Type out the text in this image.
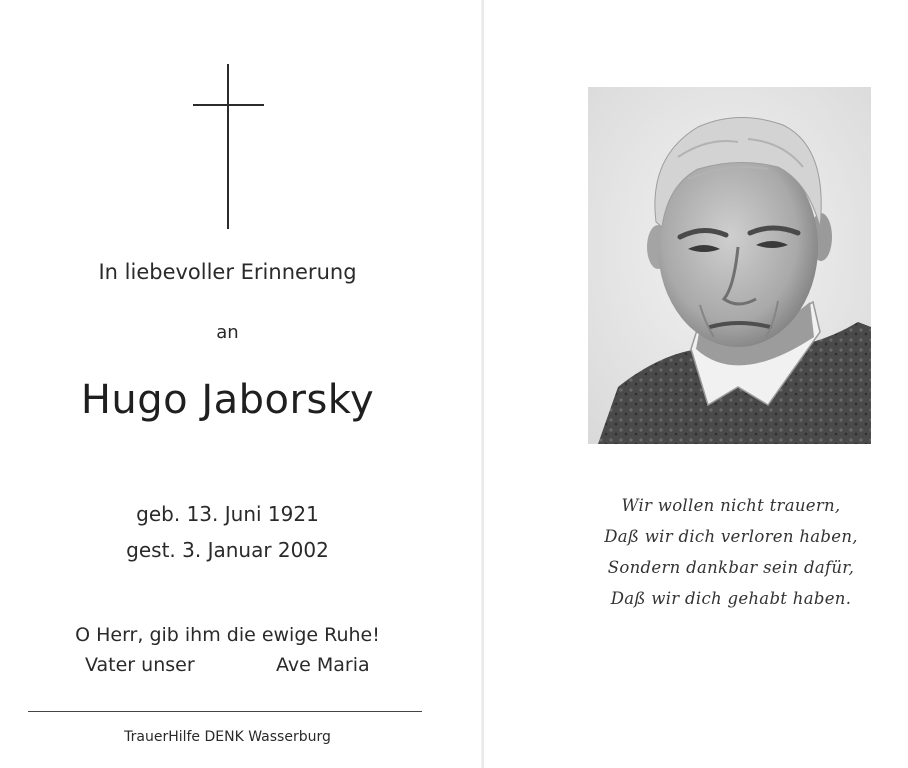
In liebevoller Erinnerung
an
Hugo Jaborsky
geb. 13. Juni 1921
gest. 3. Januar 2002
O Herr, gib ihm die ewige Ruhe!
Vater unser	Ave Maria
TrauerHilfe DENK Wasserburg
Wir wollen nicht trauern,
Daß wir dich verloren haben,
Sondern dankbar sein dafür,
Daß wir dich gehabt haben.
